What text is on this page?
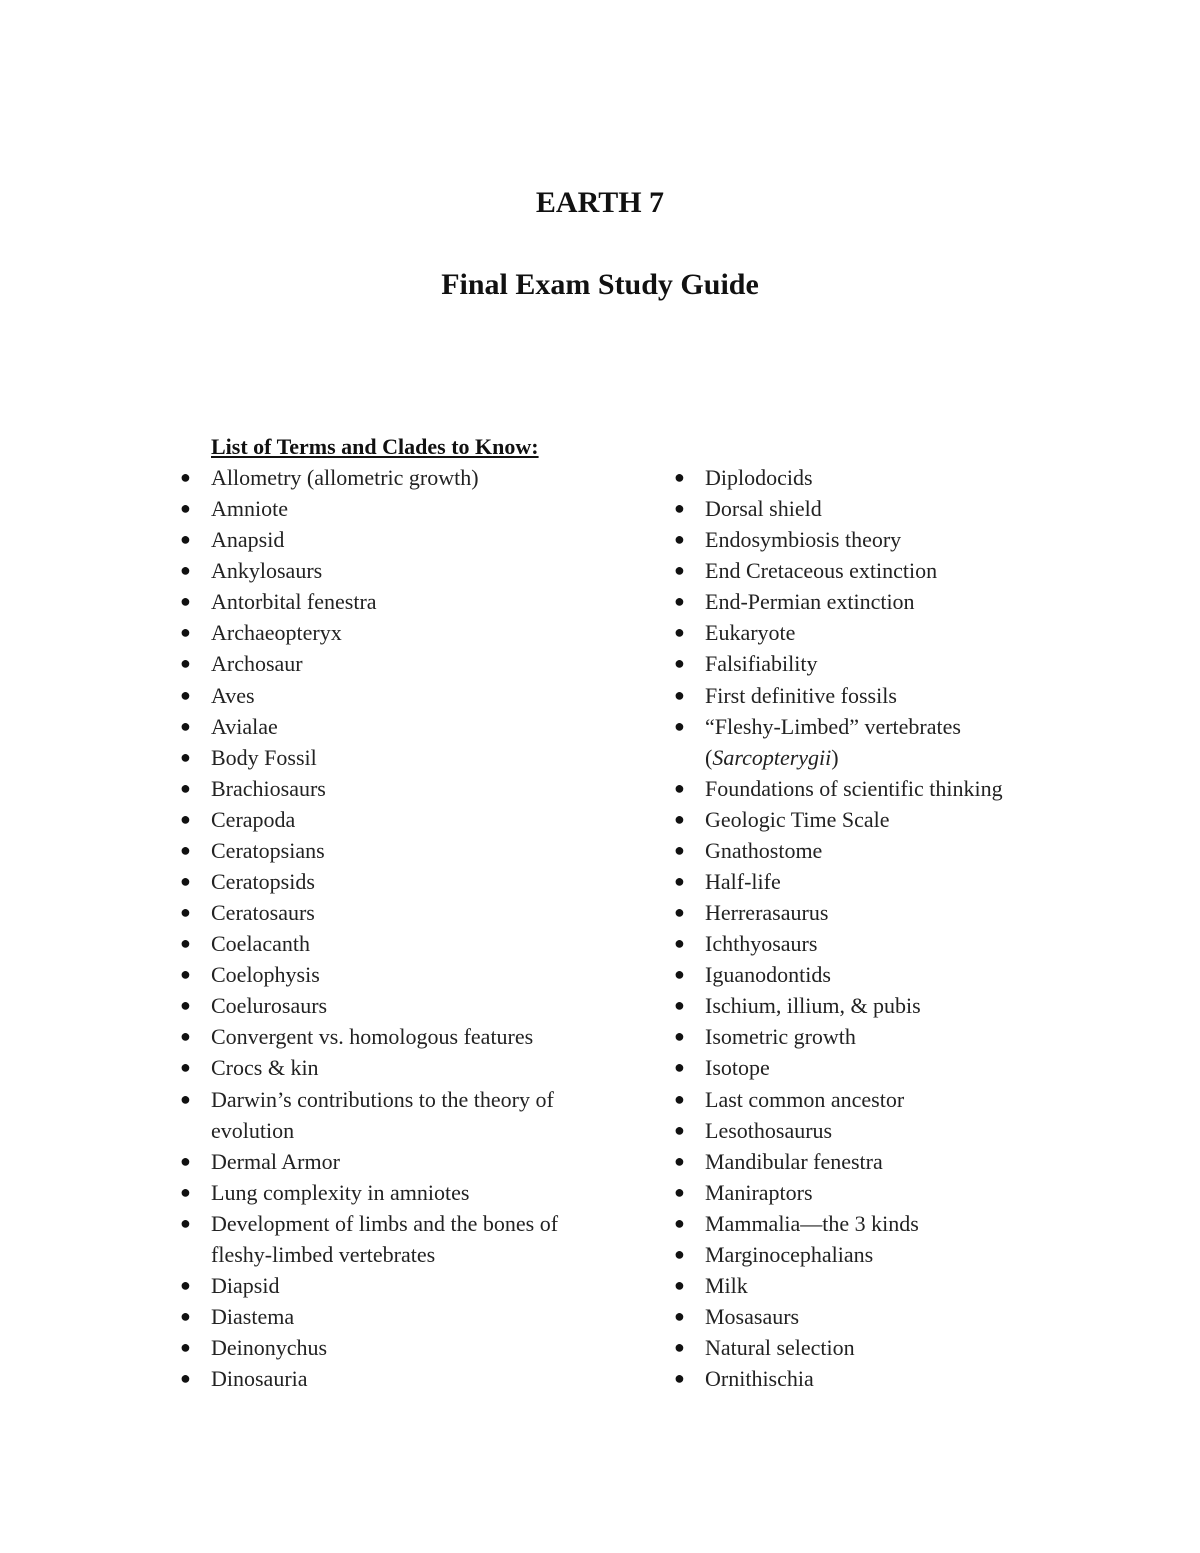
EARTH 7
Final Exam Study Guide

List of Terms and Clades to Know:

● Allometry (allometric growth)
● Amniote
● Anapsid
● Ankylosaurs
● Antorbital fenestra
● Archaeopteryx
● Archosaur
● Aves
● Avialae
● Body Fossil
● Brachiosaurs
● Cerapoda
● Ceratopsians
● Ceratopsids
● Ceratosaurs
● Coelacanth
● Coelophysis
● Coelurosaurs
● Convergent vs. homologous features
● Crocs & kin
● Darwin’s contributions to the theory of evolution
● Dermal Armor
● Lung complexity in amniotes
● Development of limbs and the bones of fleshy-limbed vertebrates
● Diapsid
● Diastema
● Deinonychus
● Dinosauria
● Diplodocids
● Dorsal shield
● Endosymbiosis theory
● End Cretaceous extinction
● End-Permian extinction
● Eukaryote
● Falsifiability
● First definitive fossils
● “Fleshy-Limbed” vertebrates
(Sarcopterygii)
● Foundations of scientific thinking
● Geologic Time Scale
● Gnathostome
● Half-life
● Herrerasaurus
● Ichthyosaurs
● Iguanodontids
● Ischium, illium, & pubis
● Isometric growth
● Isotope
● Last common ancestor
● Lesothosaurus
● Mandibular fenestra
● Maniraptors
● Mammalia—the 3 kinds
● Marginocephalians
● Milk
● Mosasaurs
● Natural selection
● Ornithischia
